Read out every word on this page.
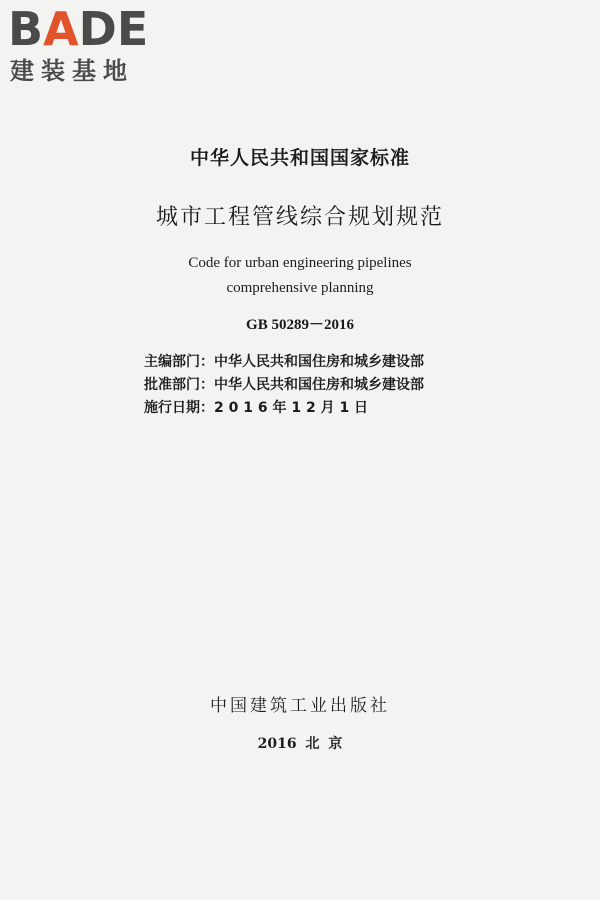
BADE
建装基地
中华人民共和国国家标准
城市工程管线综合规划规范
Code for urban engineering pipelines
comprehensive planning
GB 50289－2016
主编部门：中华人民共和国住房和城乡建设部
批准部门：中华人民共和国住房和城乡建设部
施行日期：2 0 1 6 年 1 2 月 1 日
中国建筑工业出版社
2016 北 京
